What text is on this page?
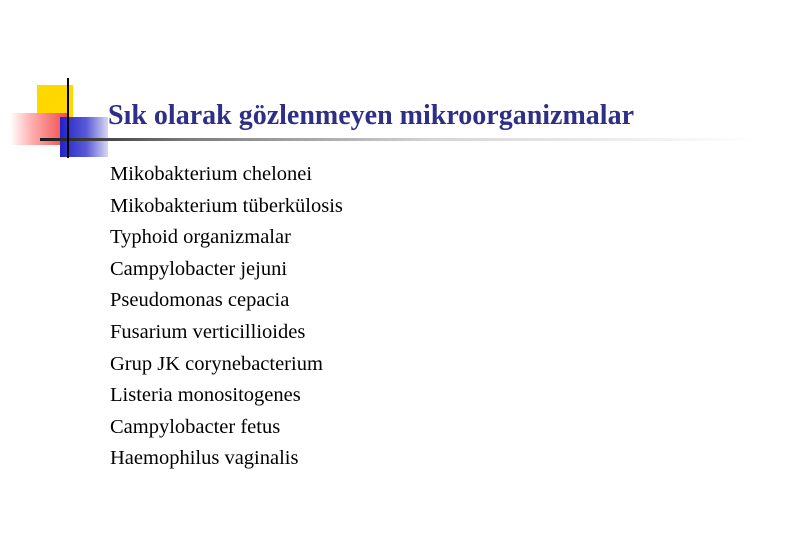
Sık olarak gözlenmeyen mikroorganizmalar
Mikobakterium chelonei
Mikobakterium tüberkülosis
Typhoid organizmalar
Campylobacter jejuni
Pseudomonas cepacia
Fusarium verticillioides
Grup JK corynebacterium
Listeria monositogenes
Campylobacter fetus
Haemophilus vaginalis
